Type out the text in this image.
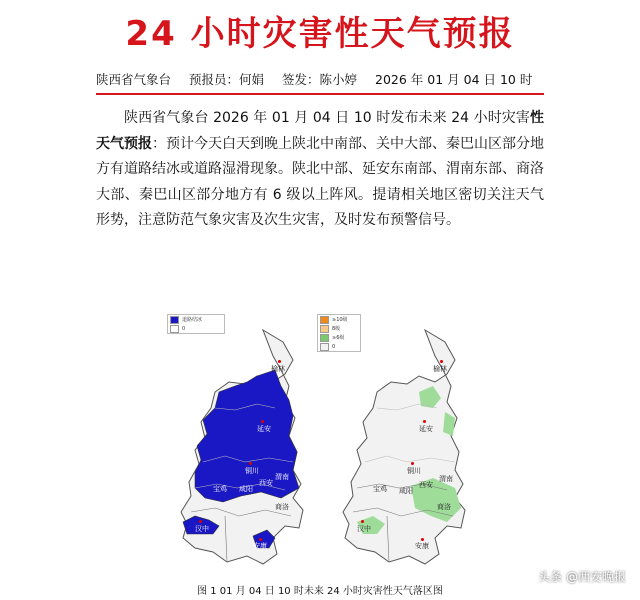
24 小时灾害性天气预报
陕西省气象台 预报员：何娟 签发：陈小婷 2026 年 01 月 04 日 10 时
陕西省气象台 2026 年 01 月 04 日 10 时发布未来 24 小时灾害性天气预报：预计今天白天到晚上陕北中南部、关中大部、秦巴山区部分地方有道路结冰或道路湿滑现象。陕北中部、延安东南部、渭南东部、商洛大部、秦巴山区部分地方有 6 级以上阵风。提请相关地区密切关注天气形势，注意防范气象灾害及次生灾害，及时发布预警信号。
道路结冰
0
榆林
延安
铜川
宝鸡 咸阳
西安
渭南
商洛
汉中
安康
≥10级
8级
≥6级
0
榆林
延安
铜川
宝鸡 咸阳
西安
渭南
商洛
汉中
安康
图 1 01 月 04 日 10 时未来 24 小时灾害性天气落区图
头条 @西安晚报
